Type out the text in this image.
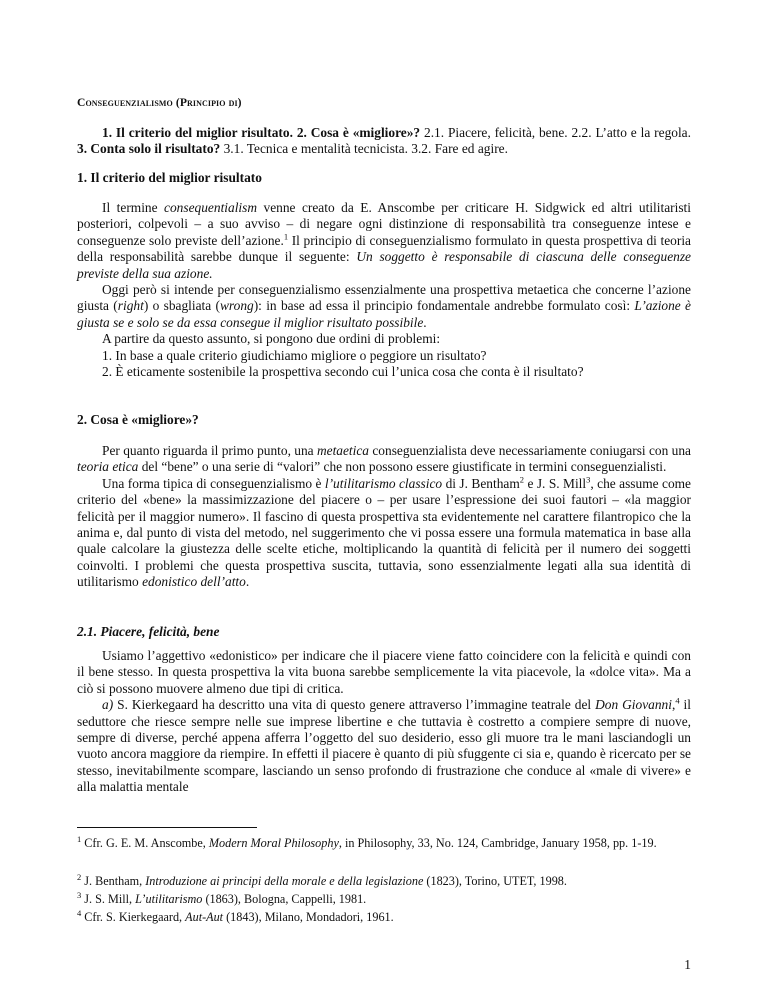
Conseguenzialismo (Principio di)

1. Il criterio del miglior risultato. 2. Cosa è «migliore»? 2.1. Piacere, felicità, bene. 2.2. L’atto e la regola. 3. Conta solo il risultato? 3.1. Tecnica e mentalità tecnicista. 3.2. Fare ed agire.

1. Il criterio del miglior risultato

Il termine consequentialism venne creato da E. Anscombe per criticare H. Sidgwick ed altri utilitaristi posteriori, colpevoli – a suo avviso – di negare ogni distinzione di responsabilità tra conseguenze intese e conseguenze solo previste dell’azione.$^1$ Il principio di conseguenzialismo formulato in questa prospettiva di teoria della responsabilità sarebbe dunque il seguente: Un soggetto è responsabile di ciascuna delle conseguenze previste della sua azione.

Oggi però si intende per conseguenzialismo essenzialmente una prospettiva metaetica che concerne l’azione giusta (right) o sbagliata (wrong): in base ad essa il principio fondamentale andrebbe formulato così: L’azione è giusta se e solo se da essa consegue il miglior risultato possibile.

A partire da questo assunto, si pongono due ordini di problemi:

1. In base a quale criterio giudichiamo migliore o peggiore un risultato?

2. È eticamente sostenibile la prospettiva secondo cui l’unica cosa che conta è il risultato?

2. Cosa è «migliore»?

Per quanto riguarda il primo punto, una metaetica conseguenzialista deve necessariamente coniugarsi con una teoria etica del “bene” o una serie di “valori” che non possono essere giustificate in termini conseguenzialisti.

Una forma tipica di conseguenzialismo è l’utilitarismo classico di J. Bentham$^2$ e J. S. Mill$^3$, che assume come criterio del «bene» la massimizzazione del piacere o – per usare l’espressione dei suoi fautori – «la maggior felicità per il maggior numero». Il fascino di questa prospettiva sta evidentemente nel carattere filantropico che la anima e, dal punto di vista del metodo, nel suggerimento che vi possa essere una formula matematica in base alla quale calcolare la giustezza delle scelte etiche, moltiplicando la quantità di felicità per il numero dei soggetti coinvolti. I problemi che questa prospettiva suscita, tuttavia, sono essenzialmente legati alla sua identità di utilitarismo edonistico dell’atto.

2.1. Piacere, felicità, bene

Usiamo l’aggettivo «edonistico» per indicare che il piacere viene fatto coincidere con la felicità e quindi con il bene stesso. In questa prospettiva la vita buona sarebbe semplicemente la vita piacevole, la «dolce vita». Ma a ciò si possono muovere almeno due tipi di critica.

a) S. Kierkegaard ha descritto una vita di questo genere attraverso l’immagine teatrale del Don Giovanni,$^4$ il seduttore che riesce sempre nelle sue imprese libertine e che tuttavia è costretto a compiere sempre di nuove, sempre di diverse, perché appena afferra l’oggetto del suo desiderio, esso gli muore tra le mani lasciandogli un vuoto ancora maggiore da riempire. In effetti il piacere è quanto di più sfuggente ci sia e, quando è ricercato per se stesso, inevitabilmente scompare, lasciando un senso profondo di frustrazione che conduce al «male di vivere» e alla malattia mentale

$^1$ Cfr. G. E. M. Anscombe, Modern Moral Philosophy, in Philosophy, 33, No. 124, Cambridge, January 1958, pp. 1-19.

$^2$ J. Bentham, Introduzione ai principi della morale e della legislazione (1823), Torino, UTET, 1998.

$^3$ J. S. Mill, L’utilitarismo (1863), Bologna, Cappelli, 1981.

$^4$ Cfr. S. Kierkegaard, Aut-Aut (1843), Milano, Mondadori, 1961.

1
